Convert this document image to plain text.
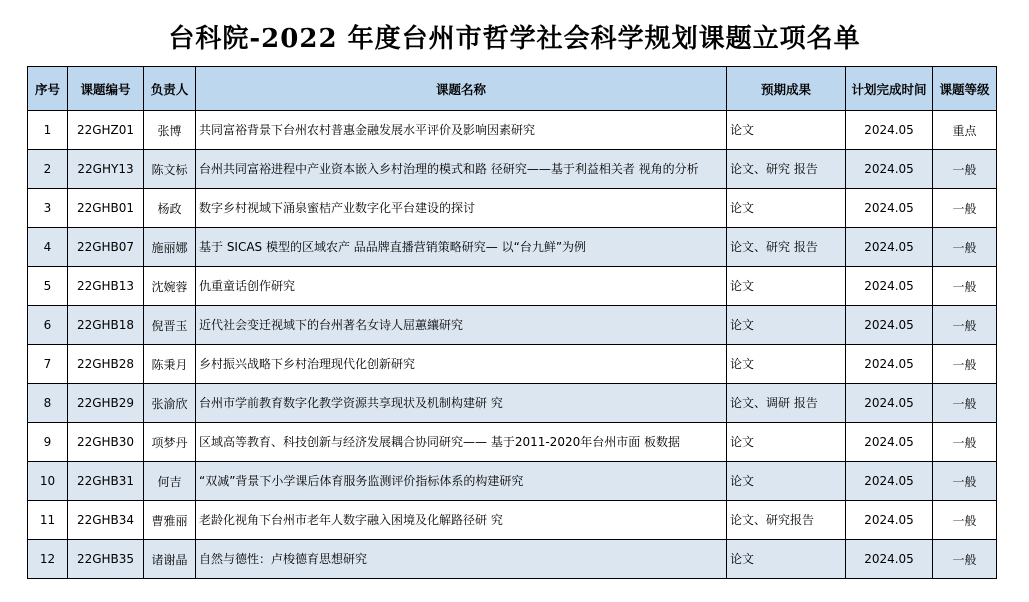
台科院-2022 年度台州市哲学社会科学规划课题立项名单
序号	课题编号	负责人	课题名称	预期成果	计划完成时间	课题等级
1	22GHZ01	张博	共同富裕背景下台州农村普惠金融发展水平评价及影响因素研究	论文	2024.05	重点
2	22GHY13	陈文标	台州共同富裕进程中产业资本嵌入乡村治理的模式和路 径研究——基于利益相关者 视角的分析	论文、研究 报告	2024.05	一般
3	22GHB01	杨政	数字乡村视域下涌泉蜜桔产业数字化平台建设的探讨	论文	2024.05	一般
4	22GHB07	施丽娜	基于 SICAS 模型的区域农产 品品牌直播营销策略研究— 以“台九鲜”为例	论文、研究 报告	2024.05	一般
5	22GHB13	沈婉蓉	仇重童话创作研究	论文	2024.05	一般
6	22GHB18	倪晋玉	近代社会变迁视域下的台州著名女诗人屈蕙纕研究	论文	2024.05	一般
7	22GHB28	陈秉月	乡村振兴战略下乡村治理现代化创新研究	论文	2024.05	一般
8	22GHB29	张渝欣	台州市学前教育数字化教学资源共享现状及机制构建研 究	论文、调研 报告	2024.05	一般
9	22GHB30	项梦丹	区域高等教育、科技创新与经济发展耦合协同研究—— 基于2011-2020年台州市面 板数据	论文	2024.05	一般
10	22GHB31	何吉	“双减”背景下小学课后体育服务监测评价指标体系的构建研究	论文	2024.05	一般
11	22GHB34	曹雅丽	老龄化视角下台州市老年人数字融入困境及化解路径研 究	论文、研究报告	2024.05	一般
12	22GHB35	诸谢晶	自然与德性：卢梭德育思想研究	论文	2024.05	一般
